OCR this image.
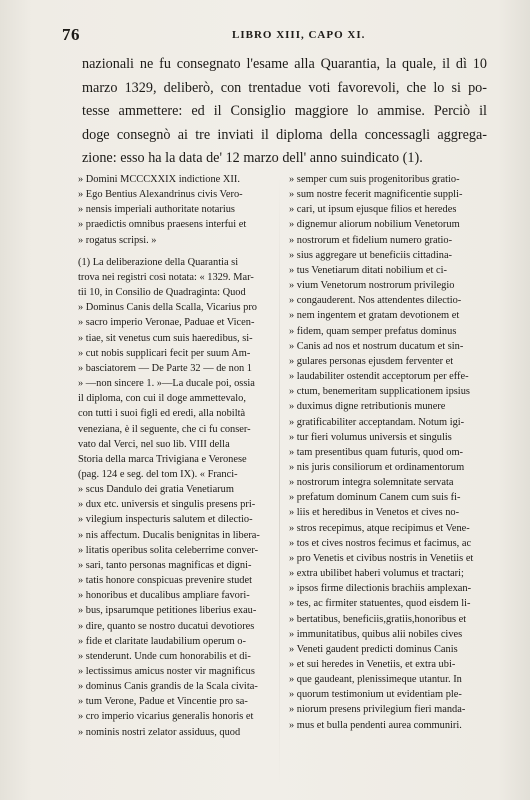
76	LIBRO XIII, CAPO XI.
nazionali ne fu consegnato l'esame alla Quarantia, la quale, il dì 10
marzo 1329, deliberò, con trentadue voti favorevoli, che lo si po-
tesse ammettere: ed il Consiglio maggiore lo ammise. Perciò il
doge consegnò ai tre inviati il diploma della concessagli aggrega-
zione: esso ha la data de' 12 marzo dell' anno suindicato (1).
» Domini MCCCXXIX indictione XII.
» Ego Bentius Alexandrinus civis Vero-
» nensis imperiali authoritate notarius
» praedictis omnibus praesens interfui et
» rogatus scripsi. »
(1) La deliberazione della Quarantia si
trova nei registri così notata: « 1329. Mar-
tii 10, in Consilio de Quadraginta: Quod
» Dominus Canis della Scalla, Vicarius pro
» sacro imperio Veronae, Paduae et Vicen-
» tiae, sit venetus cum suis haeredibus, si-
» cut nobis supplicari fecit per suum Am-
» basciatorem — De Parte 32 — de non 1
» —non sincere 1. »—La ducale poi, ossia
il diploma, con cui il doge ammettevalo,
con tutti i suoi figli ed eredi, alla nobiltà
veneziana, è il seguente, che ci fu conser-
vato dal Verci, nel suo lib. VIII della
Storia della marca Trivigiana e Veronese
(pag. 124 e seg. del tom IX). « Franci-
» scus Dandulo dei gratia Venetiarum
» dux etc. universis et singulis presens pri-
» vilegium inspecturis salutem et dilectio-
» nis affectum. Ducalis benignitas in libera-
» litatis operibus solita celeberrime conver-
» sari, tanto personas magnificas et digni-
» tatis honore conspicuas prevenire studet
» honoribus et ducalibus ampliare favori-
» bus, ipsarumque petitiones liberius exau-
» dire, quanto se nostro ducatui devotiores
» fide et claritate laudabilium operum o-
» stenderunt. Unde cum honorabilis et di-
» lectissimus amicus noster vir magnificus
» dominus Canis grandis de la Scala civita-
» tum Verone, Padue et Vincentie pro sa-
» cro imperio vicarius generalis honoris et
» nominis nostri zelator assiduus, quod
» semper cum suis progenitoribus gratio-
» sum nostre fecerit magnificentie suppli-
» cari, ut ipsum ejusque filios et heredes
» dignemur aliorum nobilium Venetorum
» nostrorum et fidelium numero gratio-
» sius aggregare ut beneficiis cittadina-
» tus Venetiarum ditati nobilium et ci-
» vium Venetorum nostrorum privilegio
» congauderent. Nos attendentes dilectio-
» nem ingentem et gratam devotionem et
» fidem, quam semper prefatus dominus
» Canis ad nos et nostrum ducatum et sin-
» gulares personas ejusdem ferventer et
» laudabiliter ostendit acceptorum per effe-
» ctum, benemeritam supplicationem ipsius
» duximus digne retributionis munere
» gratificabiliter acceptandam. Notum igi-
» tur fieri volumus universis et singulis
» tam presentibus quam futuris, quod om-
» nis juris consiliorum et ordinamentorum
» nostrorum integra solemnitate servata
» prefatum dominum Canem cum suis fi-
» liis et heredibus in Venetos et cives no-
» stros recepimus, atque recipimus et Vene-
» tos et cives nostros fecimus et facimus, ac
» pro Venetis et civibus nostris in Venetiis et
» extra ubilibet haberi volumus et tractari;
» ipsos firme dilectionis brachiis amplexan-
» tes, ac firmiter statuentes, quod eisdem li-
» bertatibus, beneficiis,gratiis,honoribus et
» immunitatibus, quibus alii nobiles cives
» Veneti gaudent predicti dominus Canis
» et sui heredes in Venetiis, et extra ubi-
» que gaudeant, plenissimeque utantur. In
» quorum testimonium ut evidentiam ple-
» niorum presens privilegium fieri manda-
» mus et bulla pendenti aurea communiri.
